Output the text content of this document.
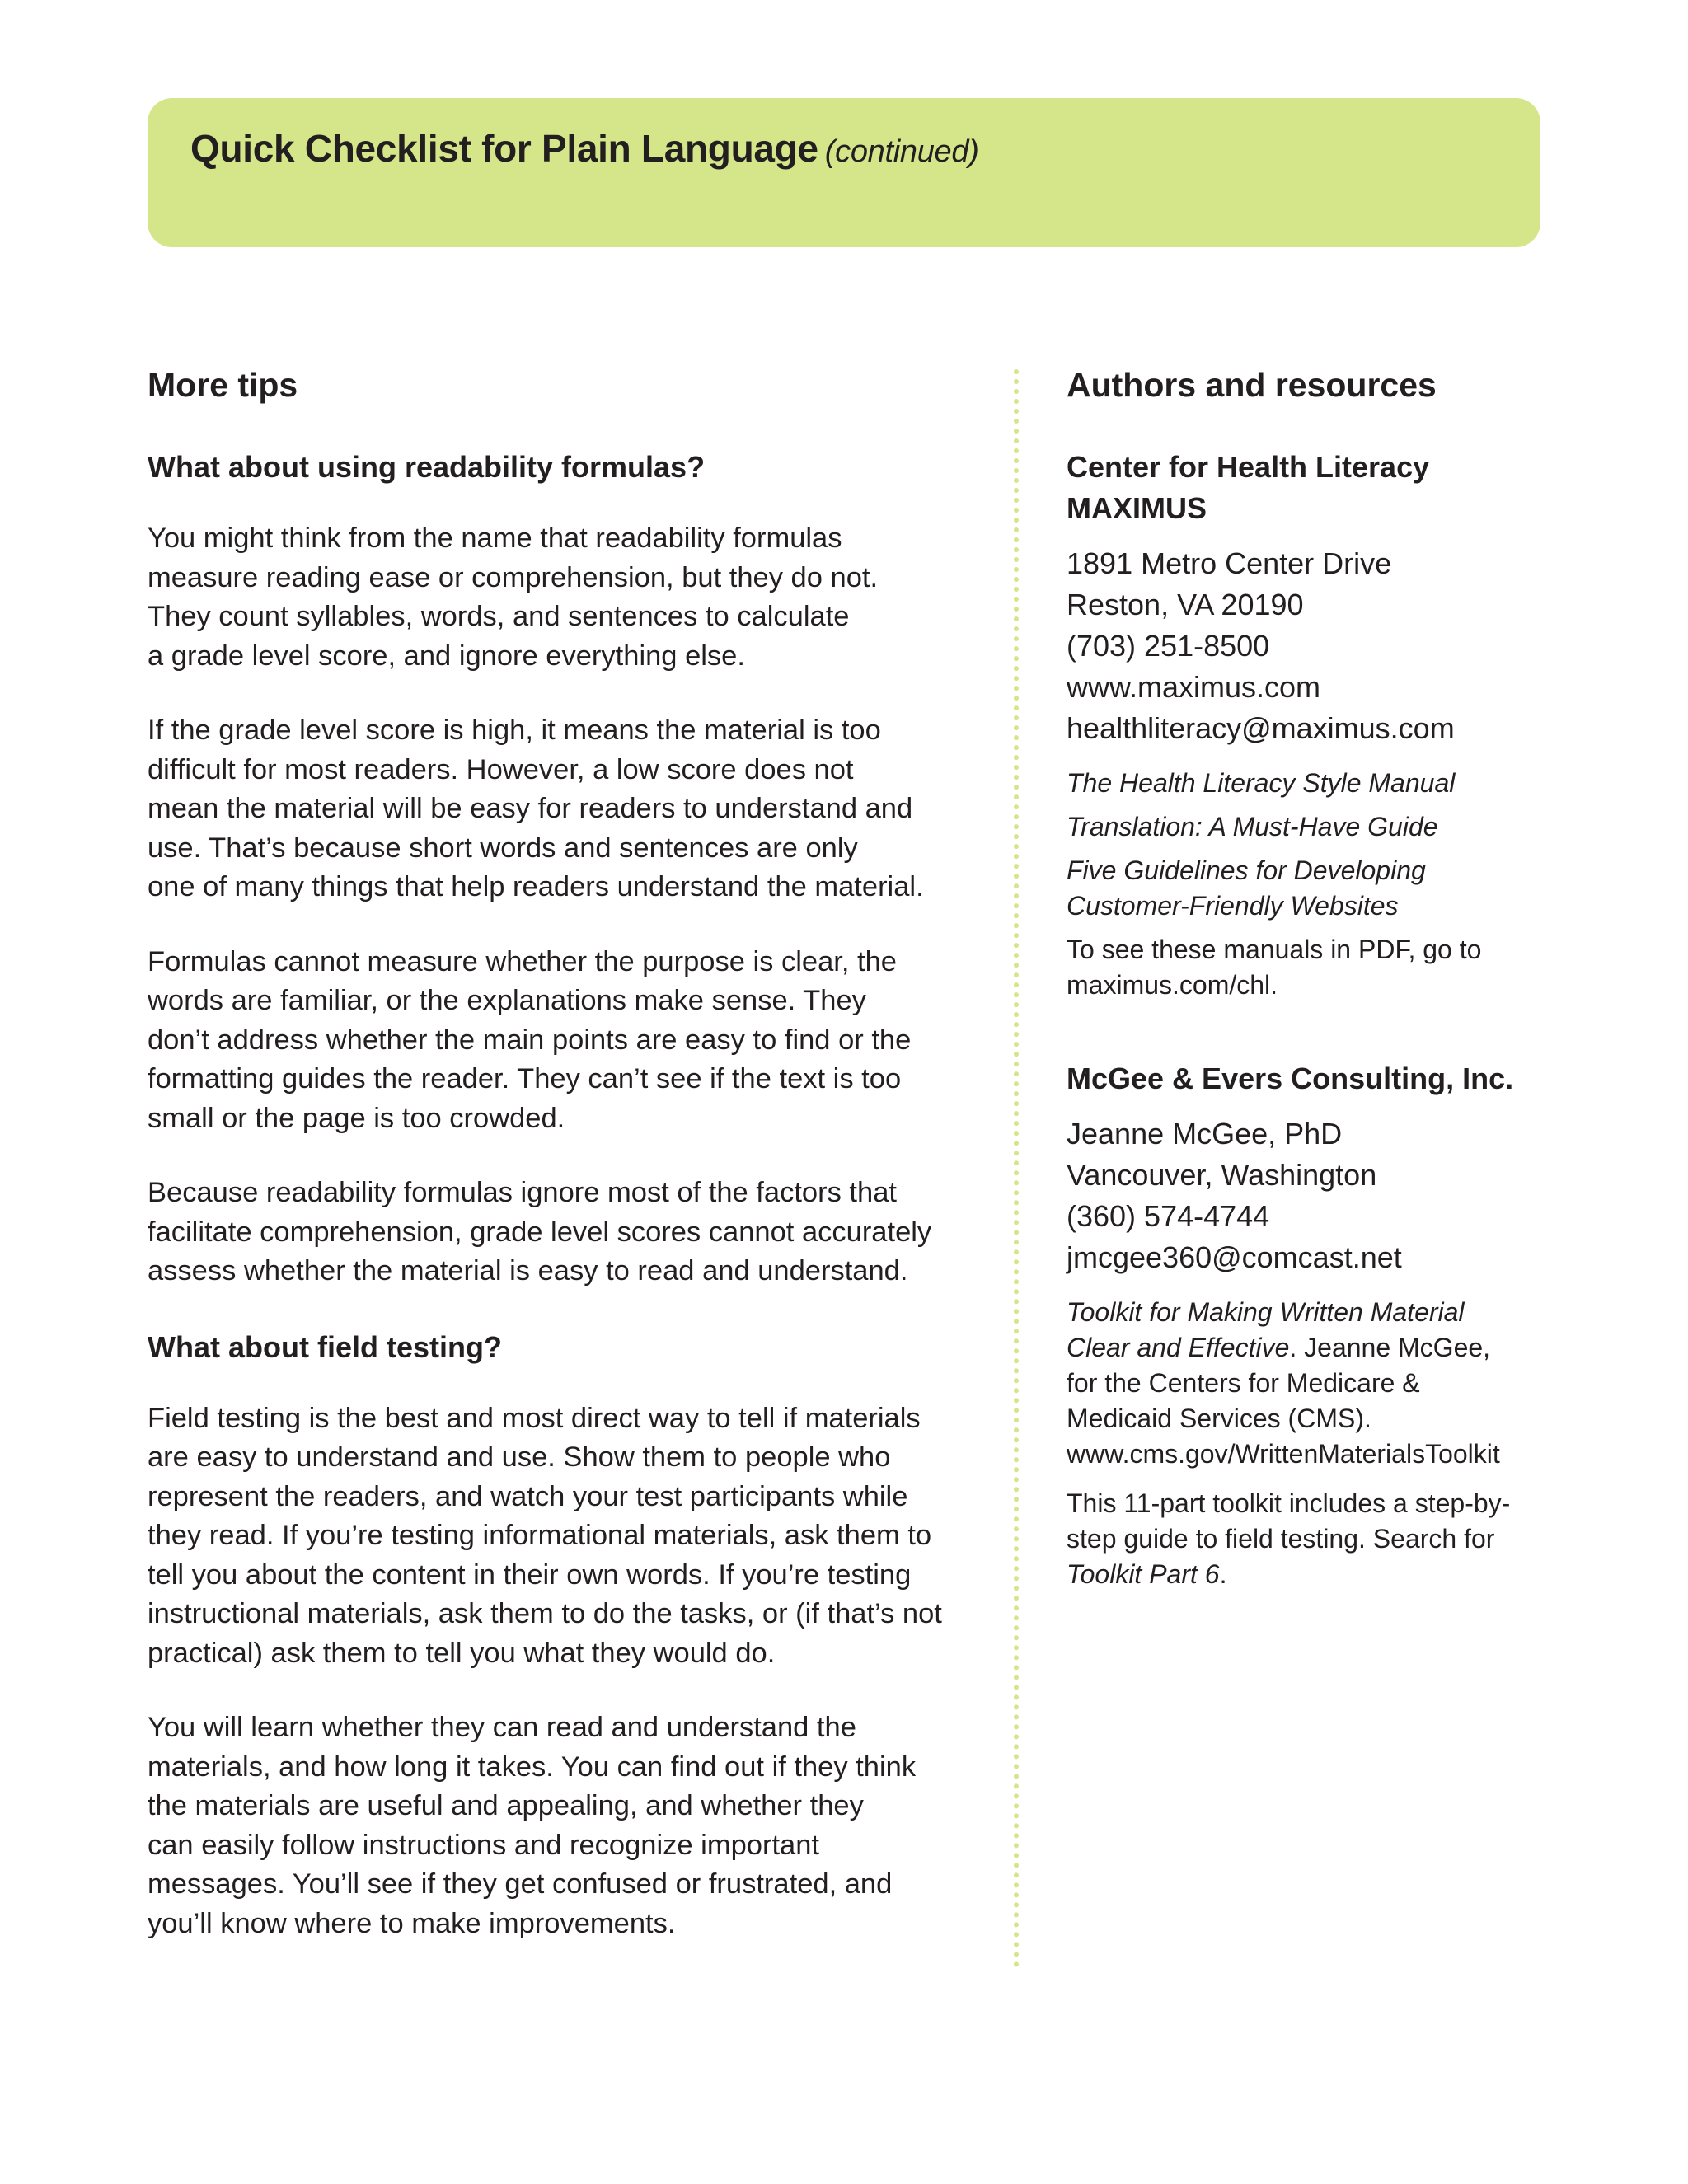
Quick Checklist for Plain Language (continued)
More tips
What about using readability formulas?

You might think from the name that readability formulas
measure reading ease or comprehension, but they do not.
They count syllables, words, and sentences to calculate
a grade level score, and ignore everything else.

If the grade level score is high, it means the material is too
difficult for most readers. However, a low score does not
mean the material will be easy for readers to understand and
use. That’s because short words and sentences are only
one of many things that help readers understand the material.

Formulas cannot measure whether the purpose is clear, the
words are familiar, or the explanations make sense. They
don’t address whether the main points are easy to find or the
formatting guides the reader. They can’t see if the text is too
small or the page is too crowded.

Because readability formulas ignore most of the factors that
facilitate comprehension, grade level scores cannot accurately
assess whether the material is easy to read and understand.

What about field testing?

Field testing is the best and most direct way to tell if materials
are easy to understand and use. Show them to people who
represent the readers, and watch your test participants while
they read. If you’re testing informational materials, ask them to
tell you about the content in their own words. If you’re testing
instructional materials, ask them to do the tasks, or (if that’s not
practical) ask them to tell you what they would do.

You will learn whether they can read and understand the
materials, and how long it takes. You can find out if they think
the materials are useful and appealing, and whether they
can easily follow instructions and recognize important
messages. You’ll see if they get confused or frustrated, and
you’ll know where to make improvements.

Authors and resources

Center for Health Literacy

MAXIMUS

1891 Metro Center Drive
Reston, VA 20190
(703) 251-8500
www.maximus.com
healthliteracy@maximus.com

The Health Literacy Style Manual

Translation: A Must-Have Guide

Five Guidelines for Developing
Customer-Friendly Websites

To see these manuals in PDF, go to
maximus.com/chl.

McGee & Evers Consulting, Inc.

Jeanne McGee, PhD
Vancouver, Washington
(360) 574-4744
jmcgee360@comcast.net

Toolkit for Making Written Material
Clear and Effective. Jeanne McGee,
for the Centers for Medicare &
Medicaid Services (CMS).
www.cms.gov/WrittenMaterialsToolkit

This 11-part toolkit includes a step-by-
step guide to field testing. Search for
Toolkit Part 6.
